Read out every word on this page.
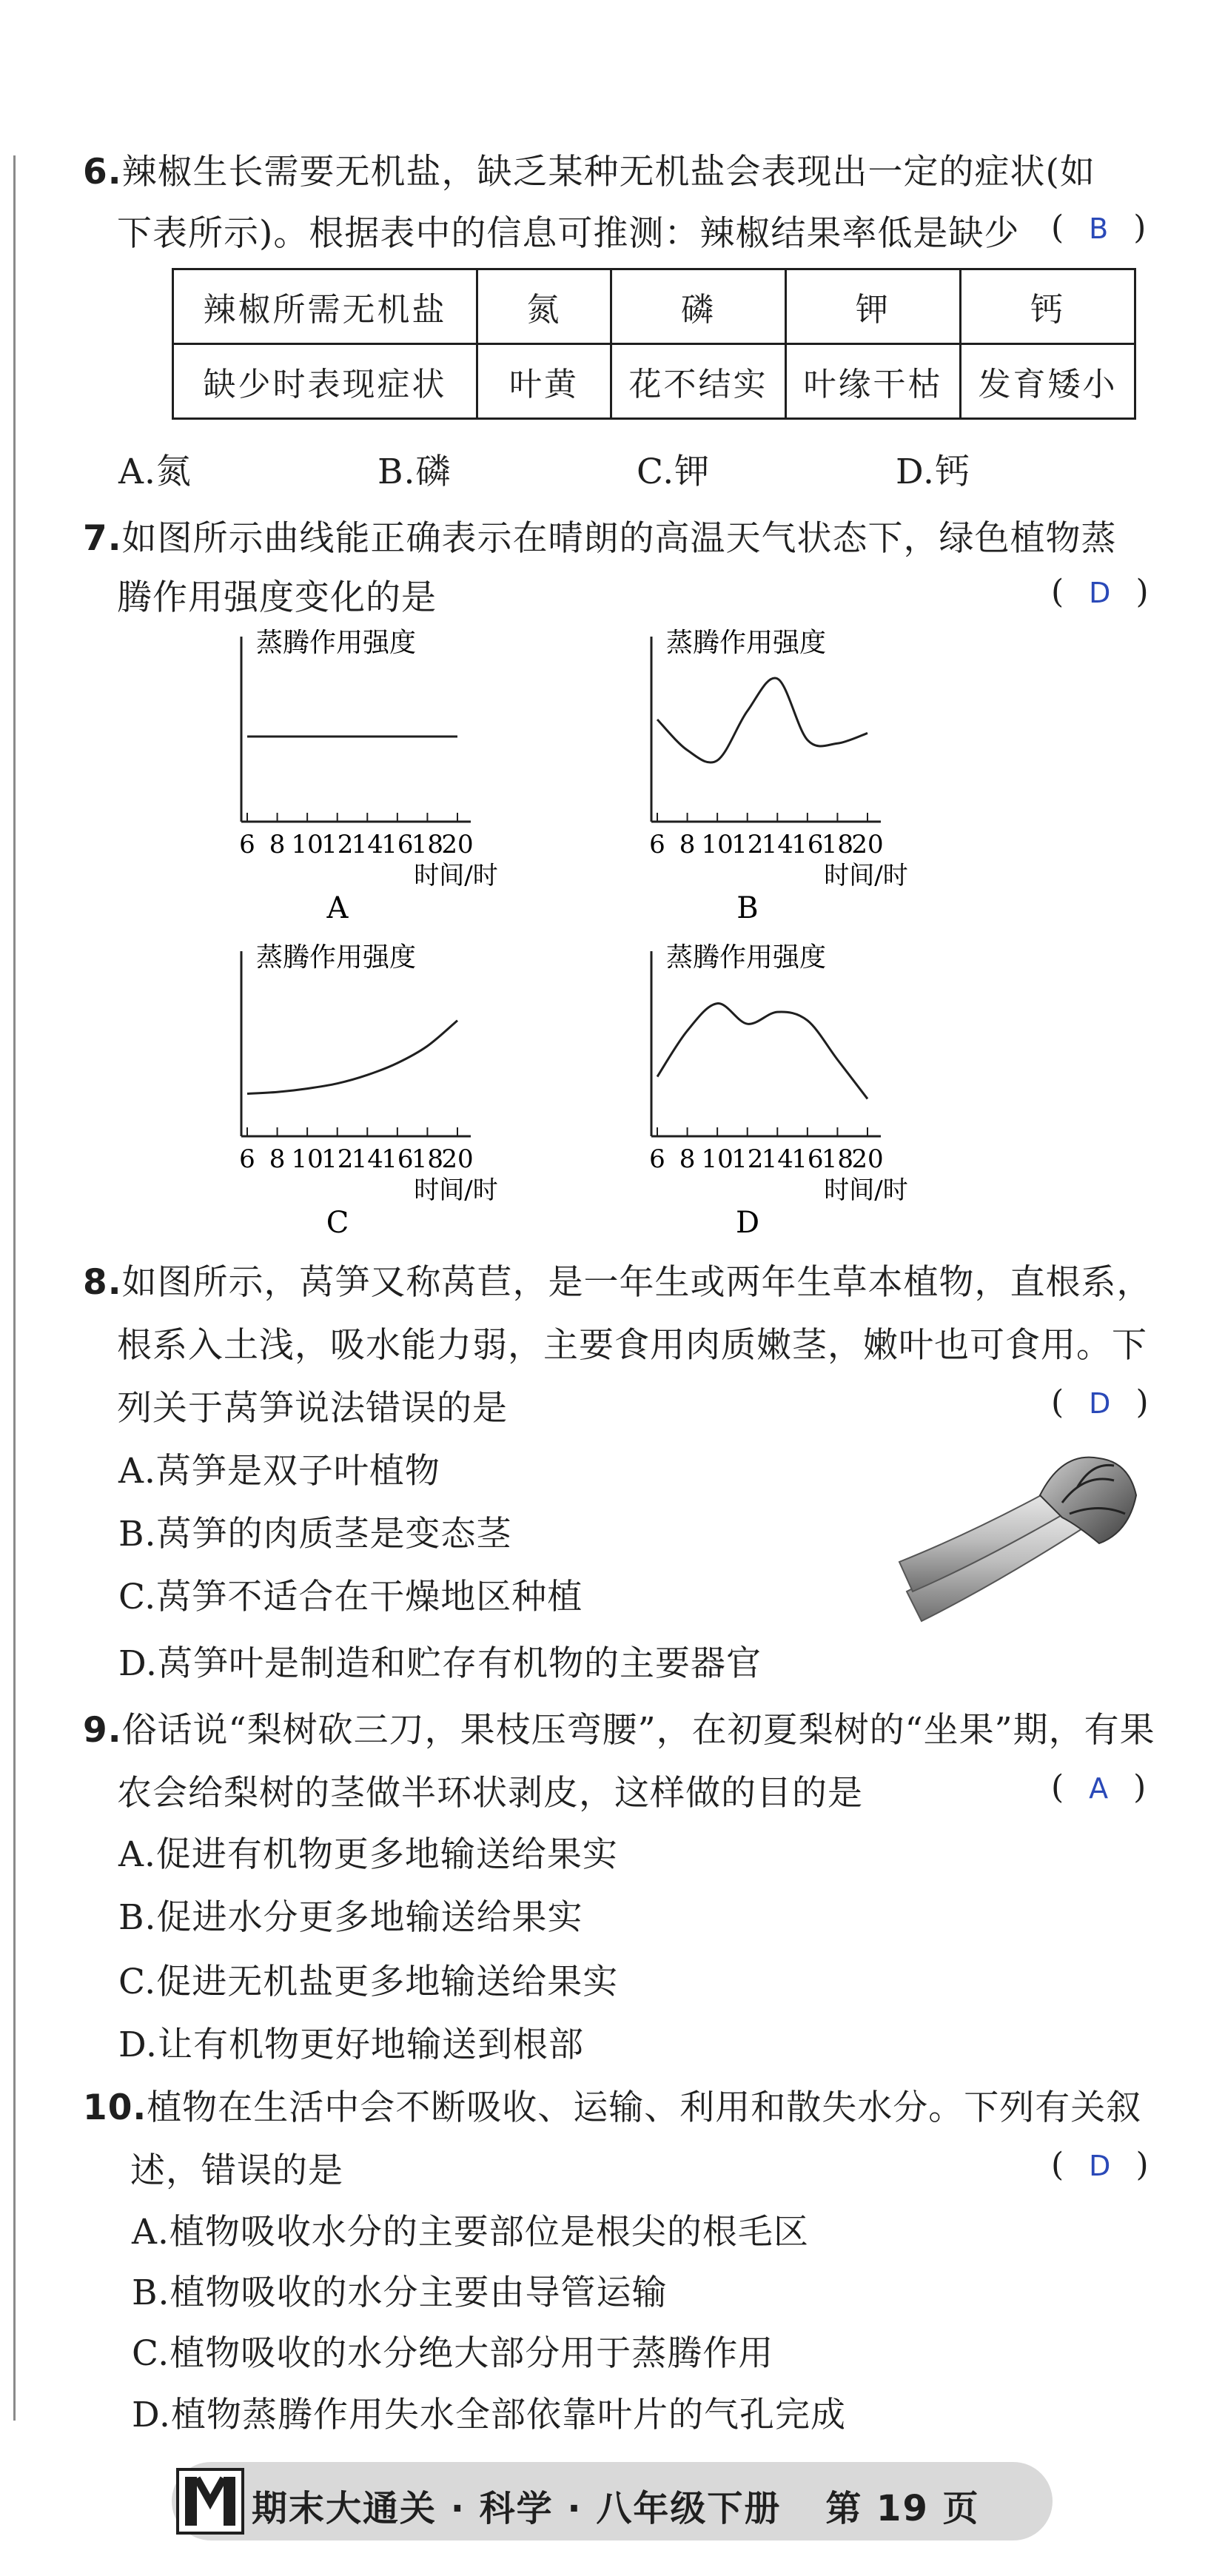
6.辣椒生长需要无机盐，缺乏某种无机盐会表现出一定的症状(如
下表所示)。根据表中的信息可推测：辣椒结果率低是缺少 ( B )
辣椒所需无机盐	氮	磷	钾	钙
缺少时表现症状	叶黄	花不结实	叶缘干枯	发育矮小
A.氮	B.磷	C.钾	D.钙
7.如图所示曲线能正确表示在晴朗的高温天气状态下，绿色植物蒸
腾作用强度变化的是	( D )
蒸腾作用强度
6 8 10
12
14
16
18
20
时间/时
A
蒸腾作用强度
6 8 10
12
14
16
18
20
时间/时
B
蒸腾作用强度
6 8 10
12
14
16
18
20
时间/时
C
蒸腾作用强度
6 8 10
12
14
16
18
20
时间/时
D
8.如图所示，莴笋又称莴苣，是一年生或两年生草本植物，直根系，
根系入土浅，吸水能力弱，主要食用肉质嫩茎，嫩叶也可食用。下
列关于莴笋说法错误的是	( D )
A.莴笋是双子叶植物
B.莴笋的肉质茎是变态茎
C.莴笋不适合在干燥地区种植
D.莴笋叶是制造和贮存有机物的主要器官
9.俗话说“梨树砍三刀，果枝压弯腰”，在初夏梨树的“坐果”期，有果
农会给梨树的茎做半环状剥皮，这样做的目的是	( A )
A.促进有机物更多地输送给果实
B.促进水分更多地输送给果实
C.促进无机盐更多地输送给果实
D.让有机物更好地输送到根部
10.植物在生活中会不断吸收、运输、利用和散失水分。下列有关叙
述，错误的是	( D )
A.植物吸收水分的主要部位是根尖的根毛区
B.植物吸收的水分主要由导管运输
C.植物吸收的水分绝大部分用于蒸腾作用
D.植物蒸腾作用失水全部依靠叶片的气孔完成
期末大通关 · 科学 · 八年级下册 第 19 页
